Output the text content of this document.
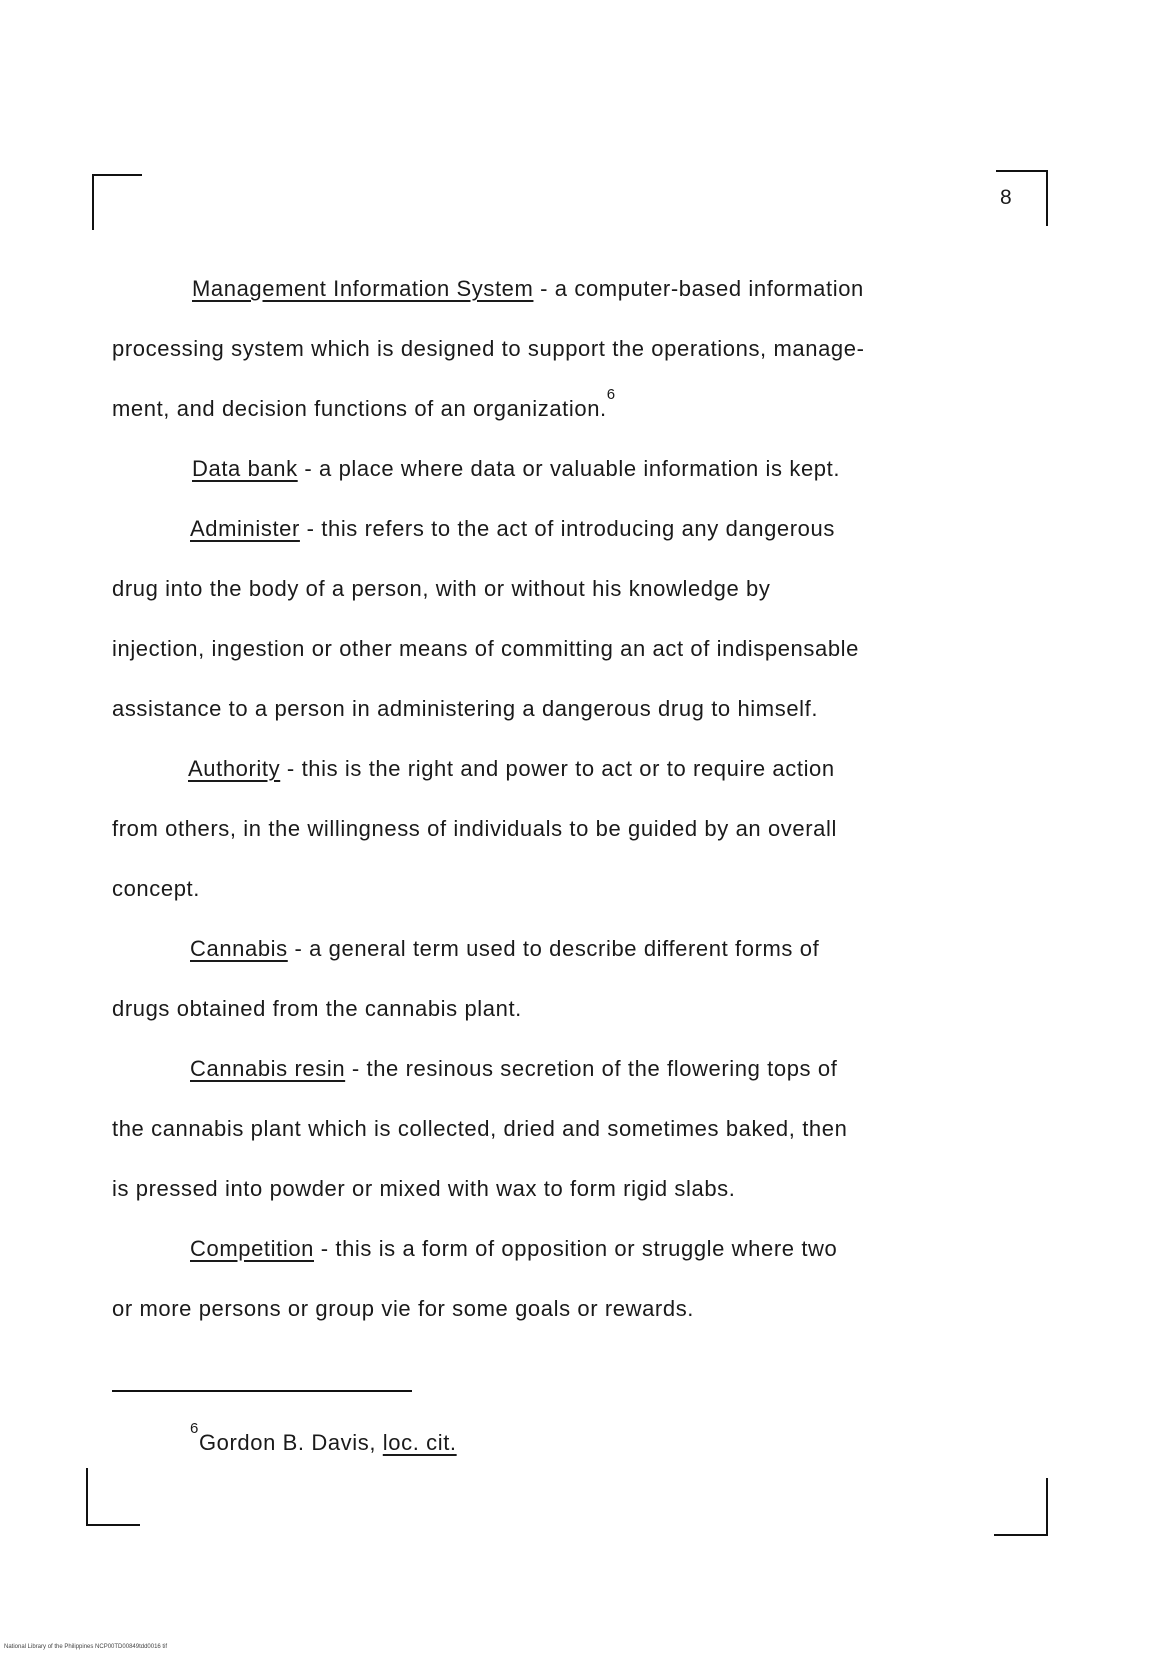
8
Management Information System - a computer-based information
processing system which is designed to support the operations, manage-
ment, and decision functions of an organization.$^6$
Data bank - a place where data or valuable information is kept.
Administer - this refers to the act of introducing any dangerous
drug into the body of a person, with or without his knowledge by
injection, ingestion or other means of committing an act of indispensable
assistance to a person in administering a dangerous drug to himself.
Authority - this is the right and power to act or to require action
from others, in the willingness of individuals to be guided by an overall
concept.
Cannabis - a general term used to describe different forms of
drugs obtained from the cannabis plant.
Cannabis resin - the resinous secretion of the flowering tops of
the cannabis plant which is collected, dried and sometimes baked, then
is pressed into powder or mixed with wax to form rigid slabs.
Competition - this is a form of opposition or struggle where two
or more persons or group vie for some goals or rewards.
$^6$Gordon B. Davis, loc. cit.
National Library of the Philippines NCP00TD00849tdd0016 tif
